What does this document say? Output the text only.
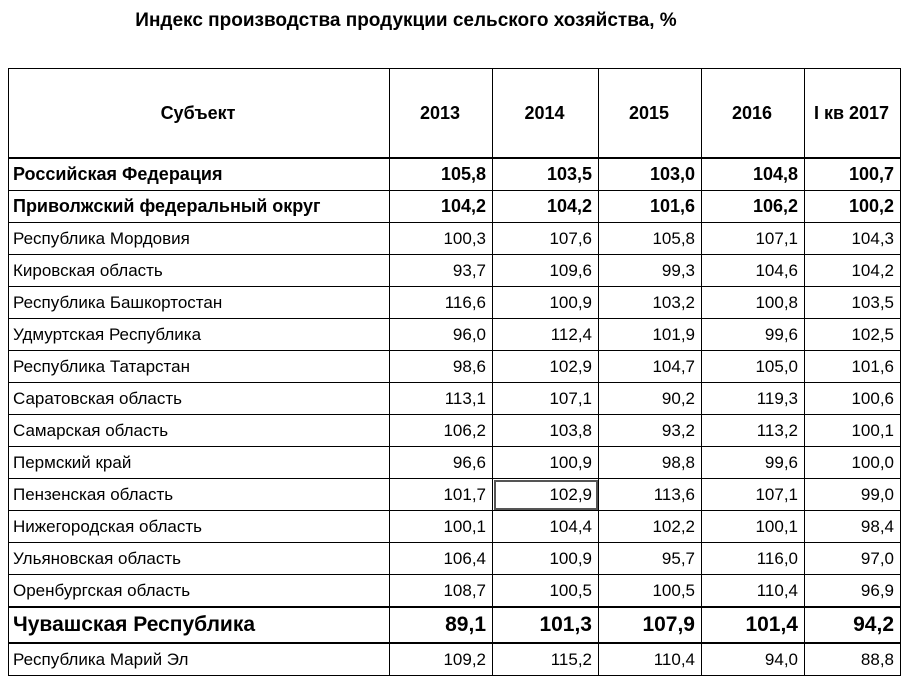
Индекс производства продукции сельского хозяйства, %
Субъект	2013	2014	2015	2016	I кв 2017
Российская Федерация	105,8	103,5	103,0	104,8	100,7
Приволжский федеральный округ	104,2	104,2	101,6	106,2	100,2
Республика Мордовия	100,3	107,6	105,8	107,1	104,3
Кировская область	93,7	109,6	99,3	104,6	104,2
Республика Башкортостан	116,6	100,9	103,2	100,8	103,5
Удмуртская Республика	96,0	112,4	101,9	99,6	102,5
Республика Татарстан	98,6	102,9	104,7	105,0	101,6
Саратовская область	113,1	107,1	90,2	119,3	100,6
Самарская область	106,2	103,8	93,2	113,2	100,1
Пермский край	96,6	100,9	98,8	99,6	100,0
Пензенская область	101,7	102,9	113,6	107,1	99,0
Нижегородская область	100,1	104,4	102,2	100,1	98,4
Ульяновская область	106,4	100,9	95,7	116,0	97,0
Оренбургская область	108,7	100,5	100,5	110,4	96,9
Чувашская Республика	89,1	101,3	107,9	101,4	94,2
Республика Марий Эл	109,2	115,2	110,4	94,0	88,8
